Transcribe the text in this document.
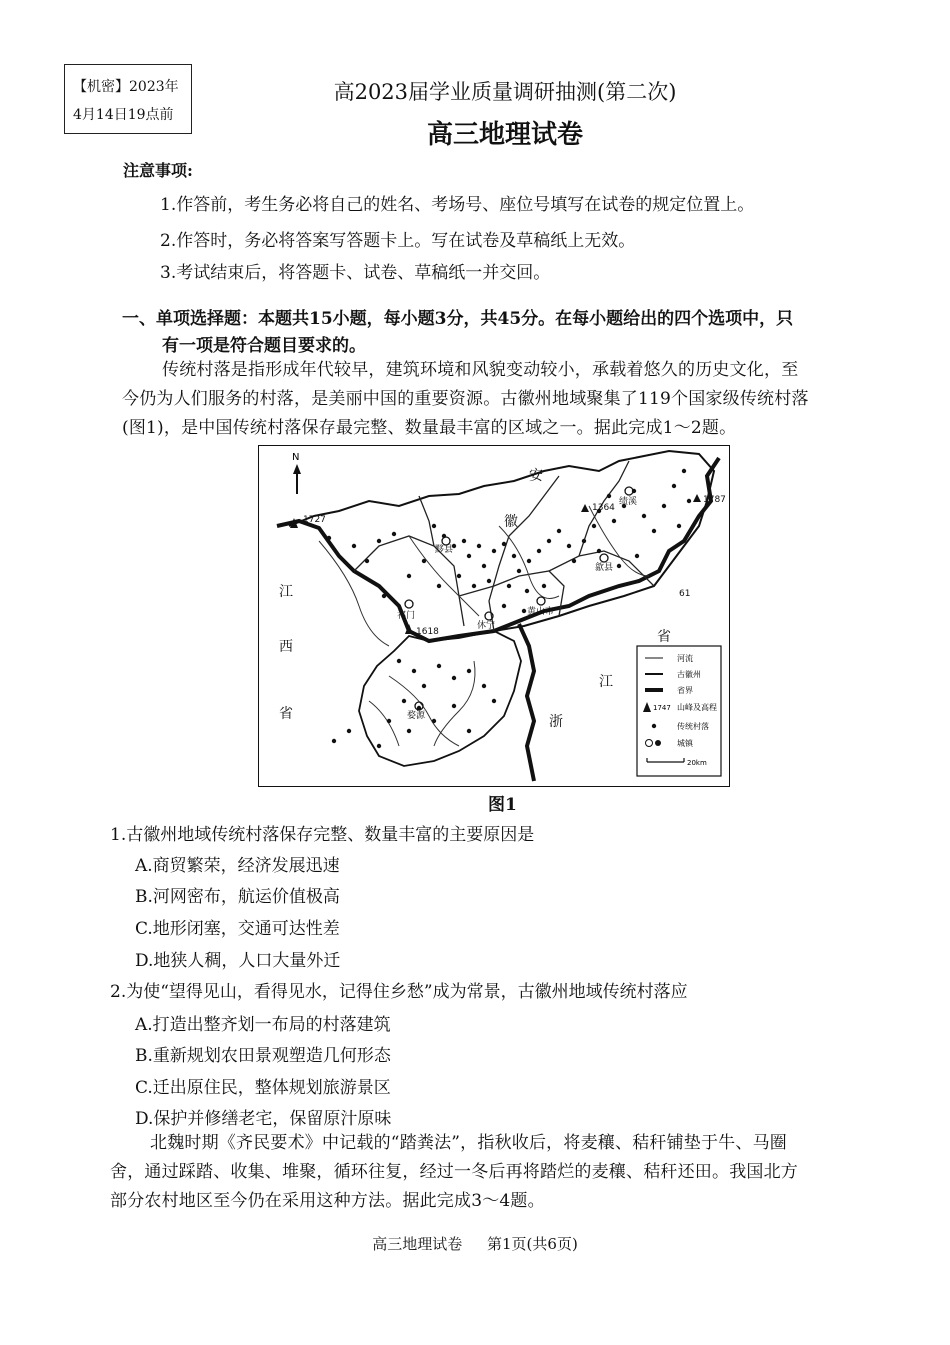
【机密】2023年
4月14日19点前
高2023届学业质量调研抽测(第二次)
高三地理试卷
注意事项:
1.作答前，考生务必将自己的姓名、考场号、座位号填写在试卷的规定位置上。
2.作答时，务必将答案写答题卡上。写在试卷及草稿纸上无效。
3.考试结束后，将答题卡、试卷、草稿纸一并交回。
一、单项选择题：本题共15小题，每小题3分，共45分。在每小题给出的四个选项中，只
有一项是符合题目要求的。
传统村落是指形成年代较早，建筑环境和风貌变动较小，承载着悠久的历史文化，至
今仍为人们服务的村落，是美丽中国的重要资源。古徽州地域聚集了119个国家级传统村落
(图1)，是中国传统村落保存最完整、数量最丰富的区域之一。据此完成1～2题。
N
1727
1618
1364
1787
61
黟县
绩溪
歙县
祁门
休宁
黄山市
婺源
安
徽
江
西
省
省
江
浙
河流
古徽州
省界
1747 山峰及高程
传统村落
城镇
20km
图1
1.古徽州地域传统村落保存完整、数量丰富的主要原因是
A.商贸繁荣，经济发展迅速
B.河网密布，航运价值极高
C.地形闭塞，交通可达性差
D.地狭人稠，人口大量外迁
2.为使“望得见山，看得见水，记得住乡愁”成为常景，古徽州地域传统村落应
A.打造出整齐划一布局的村落建筑
B.重新规划农田景观塑造几何形态
C.迁出原住民，整体规划旅游景区
D.保护并修缮老宅，保留原汁原味
北魏时期《齐民要术》中记载的“踏粪法”，指秋收后，将麦穰、秸秆铺垫于牛、马圈
舍，通过踩踏、收集、堆聚，循环往复，经过一冬后再将踏烂的麦穰、秸秆还田。我国北方
部分农村地区至今仍在采用这种方法。据此完成3～4题。
高三地理试卷 第1页(共6页)
